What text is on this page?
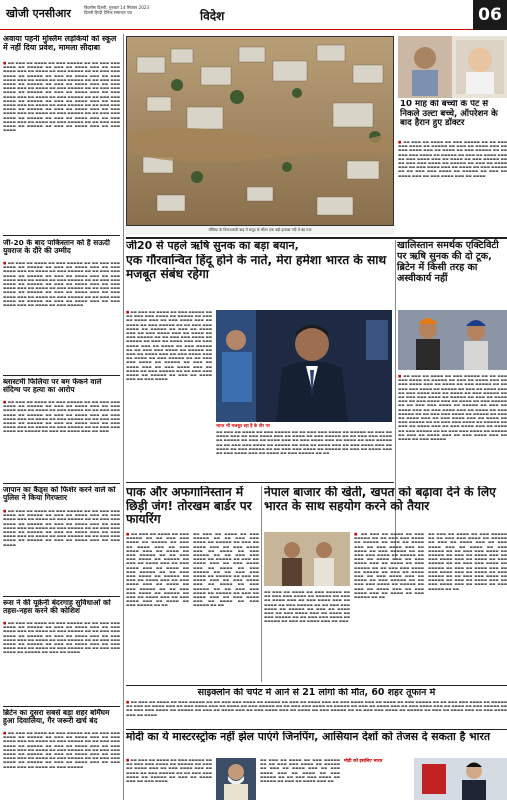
खोजी एनसीआर	बिज़नेस दिल्ली, गुरुवार 14 सितंबर 2023
दिल्ली हिन्दी दैनिक समाचार पत्र	विदेश	06
अवाया पहनी मुस्लिम लड़कियों को स्कूल में नहीं दिया प्रवेश, मामला सीदाबा
■ ▬▬ ▬▬▬ ▬▬ ▬▬▬▬ ▬▬ ▬▬▬ ▬▬▬▬▬ ▬▬ ▬▬ ▬▬▬ ▬▬▬ ▬▬▬▬ ▬▬ ▬▬▬▬▬ ▬▬ ▬▬▬ ▬▬ ▬▬▬▬ ▬▬▬ ▬▬ ▬▬▬ ▬▬▬▬ ▬▬▬ ▬▬ ▬▬▬▬ ▬▬ ▬▬▬ ▬▬▬▬▬ ▬▬ ▬▬ ▬▬▬ ▬▬▬ ▬▬▬▬ ▬▬ ▬▬▬▬▬ ▬▬ ▬▬▬ ▬▬ ▬▬▬▬ ▬▬▬ ▬▬ ▬▬▬ ▬▬▬▬ ▬▬▬ ▬▬ ▬▬▬▬ ▬▬ ▬▬▬ ▬▬▬▬▬ ▬▬ ▬▬ ▬▬▬ ▬▬▬ ▬▬▬▬ ▬▬ ▬▬▬▬▬ ▬▬ ▬▬▬ ▬▬ ▬▬▬▬ ▬▬▬ ▬▬ ▬▬▬ ▬▬▬▬ ▬▬▬ ▬▬ ▬▬▬▬ ▬▬ ▬▬▬ ▬▬▬▬▬ ▬▬ ▬▬ ▬▬▬ ▬▬▬ ▬▬▬▬ ▬▬ ▬▬▬▬▬ ▬▬ ▬▬▬ ▬▬ ▬▬▬▬ ▬▬▬ ▬▬ ▬▬▬ ▬▬▬▬ ▬▬▬ ▬▬ ▬▬▬▬ ▬▬ ▬▬▬ ▬▬▬▬▬ ▬▬ ▬▬ ▬▬▬ ▬▬▬ ▬▬▬▬ ▬▬ ▬▬▬▬▬ ▬▬ ▬▬▬ ▬▬ ▬▬▬▬ ▬▬▬ ▬▬ ▬▬▬ ▬▬▬▬ ▬▬▬ ▬▬ ▬▬▬▬ ▬▬ ▬▬▬ ▬▬▬▬▬ ▬▬ ▬▬ ▬▬▬ ▬▬▬ ▬▬▬▬ ▬▬ ▬▬▬▬▬ ▬▬ ▬▬▬ ▬▬ ▬▬▬▬ ▬▬▬ ▬▬ ▬▬▬ ▬▬▬▬ ▬▬▬ ▬▬ ▬▬▬▬ ▬▬ ▬▬▬ ▬▬▬▬▬ ▬▬ ▬▬ ▬▬▬ ▬▬▬ ▬▬▬▬ ▬▬ ▬▬▬▬▬ ▬▬ ▬▬▬ ▬▬ ▬▬▬▬ ▬▬▬ ▬▬ ▬▬▬ ▬▬▬▬ ▬▬▬ ▬▬ ▬▬▬▬ ▬▬ ▬▬▬ ▬▬▬▬▬ ▬▬ ▬▬ ▬▬▬ ▬▬▬ ▬▬▬▬ ▬▬ ▬▬▬▬▬ ▬▬ ▬▬▬ ▬▬ ▬▬▬▬ ▬▬▬ ▬▬ ▬▬▬ ▬▬▬▬
जी-20 के बाद पाकिस्तान को है सऊदी युवराज के दौरे की उम्मीद
■ ▬▬ ▬▬▬ ▬▬ ▬▬▬▬ ▬▬ ▬▬▬ ▬▬▬▬▬ ▬▬ ▬▬ ▬▬▬ ▬▬▬ ▬▬▬▬ ▬▬ ▬▬▬▬▬ ▬▬ ▬▬▬ ▬▬ ▬▬▬▬ ▬▬▬ ▬▬ ▬▬▬ ▬▬▬▬ ▬▬▬ ▬▬ ▬▬▬▬ ▬▬ ▬▬▬ ▬▬▬▬▬ ▬▬ ▬▬ ▬▬▬ ▬▬▬ ▬▬▬▬ ▬▬ ▬▬▬▬▬ ▬▬ ▬▬▬ ▬▬ ▬▬▬▬ ▬▬▬ ▬▬ ▬▬▬ ▬▬▬▬ ▬▬▬ ▬▬ ▬▬▬▬ ▬▬ ▬▬▬ ▬▬▬▬▬ ▬▬ ▬▬ ▬▬▬ ▬▬▬ ▬▬▬▬ ▬▬ ▬▬▬▬▬ ▬▬ ▬▬▬ ▬▬ ▬▬▬▬ ▬▬▬ ▬▬ ▬▬▬ ▬▬▬▬ ▬▬▬ ▬▬ ▬▬▬▬ ▬▬ ▬▬▬ ▬▬▬▬▬ ▬▬ ▬▬ ▬▬▬ ▬▬▬ ▬▬▬▬ ▬▬ ▬▬▬▬▬ ▬▬ ▬▬▬ ▬▬ ▬▬▬▬ ▬▬▬ ▬▬ ▬▬▬ ▬▬▬▬ ▬▬▬ ▬▬ ▬▬▬▬ ▬▬ ▬▬▬ ▬▬▬▬▬ ▬▬ ▬▬ ▬▬▬ ▬▬▬ ▬▬▬▬ ▬▬ ▬▬▬▬▬ ▬▬ ▬▬▬ ▬▬ ▬▬▬▬ ▬▬▬ ▬▬ ▬▬▬ ▬▬▬▬ ▬▬▬ ▬▬ ▬▬▬▬ ▬▬ ▬▬▬ ▬▬▬▬▬
ब्लास्टमी फिलिया पर बम फेंकने वाले संदिग्ध पर हत्या का आरोप
■ ▬▬ ▬▬▬ ▬▬ ▬▬▬▬ ▬▬ ▬▬▬ ▬▬▬▬▬ ▬▬ ▬▬ ▬▬▬ ▬▬▬ ▬▬▬▬ ▬▬ ▬▬▬▬▬ ▬▬ ▬▬▬ ▬▬ ▬▬▬▬ ▬▬▬ ▬▬ ▬▬▬ ▬▬▬▬ ▬▬▬ ▬▬ ▬▬▬▬ ▬▬ ▬▬▬ ▬▬▬▬▬ ▬▬ ▬▬ ▬▬▬ ▬▬▬ ▬▬▬▬ ▬▬ ▬▬▬▬▬ ▬▬ ▬▬▬ ▬▬ ▬▬▬▬ ▬▬▬ ▬▬ ▬▬▬ ▬▬▬▬ ▬▬▬ ▬▬ ▬▬▬▬ ▬▬ ▬▬▬ ▬▬▬▬▬ ▬▬ ▬▬ ▬▬▬ ▬▬▬ ▬▬▬▬ ▬▬ ▬▬▬▬▬ ▬▬ ▬▬▬ ▬▬ ▬▬▬▬ ▬▬▬ ▬▬ ▬▬▬ ▬▬▬▬ ▬▬▬ ▬▬ ▬▬▬▬ ▬▬ ▬▬▬ ▬▬▬▬▬ ▬▬ ▬▬ ▬▬▬ ▬▬▬ ▬▬▬▬ ▬▬ ▬▬▬▬▬ ▬▬ ▬▬▬ ▬▬ ▬▬▬▬ ▬▬▬ ▬▬ ▬▬▬
जापान का कैंड्स को फिशेर करने वाले को पुलिस ने किया गिरफ्तार
■ ▬▬ ▬▬▬ ▬▬ ▬▬▬▬ ▬▬ ▬▬▬ ▬▬▬▬▬ ▬▬ ▬▬ ▬▬▬ ▬▬▬ ▬▬▬▬ ▬▬ ▬▬▬▬▬ ▬▬ ▬▬▬ ▬▬ ▬▬▬▬ ▬▬▬ ▬▬ ▬▬▬ ▬▬▬▬ ▬▬▬ ▬▬ ▬▬▬▬ ▬▬ ▬▬▬ ▬▬▬▬▬ ▬▬ ▬▬ ▬▬▬ ▬▬▬ ▬▬▬▬ ▬▬ ▬▬▬▬▬ ▬▬ ▬▬▬ ▬▬ ▬▬▬▬ ▬▬▬ ▬▬ ▬▬▬ ▬▬▬▬ ▬▬▬ ▬▬ ▬▬▬▬ ▬▬ ▬▬▬ ▬▬▬▬▬ ▬▬ ▬▬ ▬▬▬ ▬▬▬ ▬▬▬▬ ▬▬ ▬▬▬▬▬ ▬▬ ▬▬▬ ▬▬ ▬▬▬▬ ▬▬▬ ▬▬ ▬▬▬ ▬▬▬▬ ▬▬▬ ▬▬ ▬▬▬▬ ▬▬ ▬▬▬ ▬▬▬▬▬ ▬▬ ▬▬ ▬▬▬ ▬▬▬ ▬▬▬▬ ▬▬ ▬▬▬▬▬ ▬▬ ▬▬▬ ▬▬ ▬▬▬▬ ▬▬▬ ▬▬ ▬▬▬ ▬▬▬▬
रूस ने की यूक्रेनी बंदरगाह सुविधाओं को तहस-नहस करने की कोशिश
■ ▬▬ ▬▬▬ ▬▬ ▬▬▬▬ ▬▬ ▬▬▬ ▬▬▬▬▬ ▬▬ ▬▬ ▬▬▬ ▬▬▬ ▬▬▬▬ ▬▬ ▬▬▬▬▬ ▬▬ ▬▬▬ ▬▬ ▬▬▬▬ ▬▬▬ ▬▬ ▬▬▬ ▬▬▬▬ ▬▬▬ ▬▬ ▬▬▬▬ ▬▬ ▬▬▬ ▬▬▬▬▬ ▬▬ ▬▬ ▬▬▬ ▬▬▬ ▬▬▬▬ ▬▬ ▬▬▬▬▬ ▬▬ ▬▬▬ ▬▬ ▬▬▬▬ ▬▬▬ ▬▬ ▬▬▬ ▬▬▬▬ ▬▬▬ ▬▬ ▬▬▬▬ ▬▬ ▬▬▬ ▬▬▬▬▬ ▬▬ ▬▬ ▬▬▬ ▬▬▬ ▬▬▬▬ ▬▬ ▬▬▬▬▬ ▬▬ ▬▬▬ ▬▬ ▬▬▬▬ ▬▬▬ ▬▬ ▬▬▬ ▬▬▬▬ ▬▬▬ ▬▬ ▬▬▬▬ ▬▬ ▬▬▬ ▬▬▬▬▬ ▬▬ ▬▬ ▬▬▬ ▬▬▬ ▬▬▬▬ ▬▬ ▬▬▬▬▬ ▬▬ ▬▬▬ ▬▬ ▬▬▬▬
ब्रिटेन का दूसरा सबसे बड़ा शहर बर्मिंघम हुआ दिवालिया, गैर जरूरी खर्च बंद
■ ▬▬ ▬▬▬ ▬▬ ▬▬▬▬ ▬▬ ▬▬▬ ▬▬▬▬▬ ▬▬ ▬▬ ▬▬▬ ▬▬▬ ▬▬▬▬ ▬▬ ▬▬▬▬▬ ▬▬ ▬▬▬ ▬▬ ▬▬▬▬ ▬▬▬ ▬▬ ▬▬▬ ▬▬▬▬ ▬▬▬ ▬▬ ▬▬▬▬ ▬▬ ▬▬▬ ▬▬▬▬▬ ▬▬ ▬▬ ▬▬▬ ▬▬▬ ▬▬▬▬ ▬▬ ▬▬▬▬▬ ▬▬ ▬▬▬ ▬▬ ▬▬▬▬ ▬▬▬ ▬▬ ▬▬▬ ▬▬▬▬ ▬▬▬ ▬▬ ▬▬▬▬ ▬▬ ▬▬▬ ▬▬▬▬▬ ▬▬ ▬▬ ▬▬▬ ▬▬▬ ▬▬▬▬ ▬▬ ▬▬▬▬▬ ▬▬ ▬▬▬ ▬▬ ▬▬▬▬ ▬▬▬ ▬▬ ▬▬▬ ▬▬▬▬ ▬▬▬ ▬▬ ▬▬▬▬ ▬▬ ▬▬▬ ▬▬▬▬▬ ▬▬ ▬▬ ▬▬▬ ▬▬▬ ▬▬▬▬ ▬▬ ▬▬▬▬▬ ▬▬ ▬▬▬ ▬▬ ▬▬▬▬ ▬▬▬ ▬▬ ▬▬▬ ▬▬▬▬ ▬▬▬ ▬▬ ▬▬▬▬ ▬▬ ▬▬▬ ▬▬▬▬▬
लीबिया के विनाशकारी बाढ़ में समुद्र के भीतर एक बड़ी इलाका नदी में बह गया
10 माह की बच्ची के पेट से निकले उल्टा बच्चे, ऑपरेशन के बाद हैरान हुए डॉक्टर
■ ▬▬ ▬▬▬ ▬▬ ▬▬▬▬ ▬▬ ▬▬▬ ▬▬▬▬▬ ▬▬ ▬▬ ▬▬▬ ▬▬▬ ▬▬▬▬ ▬▬ ▬▬▬▬▬ ▬▬ ▬▬▬ ▬▬ ▬▬▬▬ ▬▬▬ ▬▬ ▬▬▬ ▬▬▬▬ ▬▬▬ ▬▬ ▬▬▬▬ ▬▬ ▬▬▬ ▬▬▬▬▬ ▬▬ ▬▬ ▬▬▬ ▬▬▬ ▬▬▬▬ ▬▬ ▬▬▬▬▬ ▬▬ ▬▬▬ ▬▬ ▬▬▬▬ ▬▬▬ ▬▬ ▬▬▬ ▬▬▬▬ ▬▬▬ ▬▬ ▬▬▬▬ ▬▬ ▬▬▬ ▬▬▬▬▬ ▬▬ ▬▬ ▬▬▬ ▬▬▬ ▬▬▬▬ ▬▬ ▬▬▬▬▬ ▬▬ ▬▬▬ ▬▬ ▬▬▬▬ ▬▬▬ ▬▬ ▬▬▬ ▬▬▬▬ ▬▬▬ ▬▬ ▬▬▬▬ ▬▬ ▬▬▬ ▬▬▬▬▬ ▬▬ ▬▬ ▬▬▬ ▬▬▬ ▬▬▬▬ ▬▬ ▬▬▬▬▬ ▬▬ ▬▬▬ ▬▬ ▬▬▬▬ ▬▬▬ ▬▬ ▬▬▬ ▬▬▬▬ ▬▬▬ ▬▬ ▬▬▬▬
जी20 से पहले ऋषि सुनक का बड़ा बयान,
एक गौरवान्वित हिंदू होने के नाते, मेरा हमेशा भारत के साथ मजबूत संबंध रहेगा
खालिस्तान समर्थक एक्टिविटी पर ऋषि सुनक की दो टूक, ब्रिटेन में किसी तरह का अस्वीकार्य नहीं
■ ▬▬ ▬▬▬ ▬▬ ▬▬▬▬ ▬▬ ▬▬▬ ▬▬▬▬▬ ▬▬ ▬▬ ▬▬▬ ▬▬▬ ▬▬▬▬ ▬▬ ▬▬▬▬▬ ▬▬ ▬▬▬ ▬▬ ▬▬▬▬ ▬▬▬ ▬▬ ▬▬▬ ▬▬▬▬ ▬▬▬ ▬▬ ▬▬▬▬ ▬▬ ▬▬▬ ▬▬▬▬▬ ▬▬ ▬▬ ▬▬▬ ▬▬▬ ▬▬▬▬ ▬▬ ▬▬▬▬▬ ▬▬ ▬▬▬ ▬▬ ▬▬▬▬ ▬▬▬ ▬▬ ▬▬▬ ▬▬▬▬ ▬▬▬ ▬▬ ▬▬▬▬ ▬▬ ▬▬▬ ▬▬▬▬▬ ▬▬ ▬▬ ▬▬▬ ▬▬▬ ▬▬▬▬ ▬▬ ▬▬▬▬▬ ▬▬ ▬▬▬ ▬▬ ▬▬▬▬ ▬▬▬ ▬▬ ▬▬▬ ▬▬▬▬ ▬▬▬ ▬▬ ▬▬▬▬ ▬▬ ▬▬▬ ▬▬▬▬▬ ▬▬ ▬▬ ▬▬▬ ▬▬▬ ▬▬▬▬ ▬▬ ▬▬▬▬▬ ▬▬ ▬▬▬ ▬▬ ▬▬▬▬ ▬▬▬ ▬▬ ▬▬▬ ▬▬▬▬ ▬▬▬ ▬▬ ▬▬▬▬ ▬▬ ▬▬▬ ▬▬▬▬▬ ▬▬ ▬▬ ▬▬▬ ▬▬▬ ▬▬▬▬ ▬▬ ▬▬▬▬▬ ▬▬ ▬▬▬ ▬▬ ▬▬▬▬ ▬▬▬ ▬▬ ▬▬▬ ▬▬▬▬ ▬▬▬ ▬▬ ▬▬▬▬ ▬▬ ▬▬▬ ▬▬▬▬▬ ▬▬ ▬▬ ▬▬▬ ▬▬▬ ▬▬▬▬ ▬▬ ▬▬▬▬▬ ▬▬ ▬▬▬ ▬▬ ▬▬▬▬ ▬▬▬ ▬▬ ▬▬▬ ▬▬▬▬
भारत भी मजबूत रहा है के तौर पर
▬▬ ▬▬▬ ▬▬ ▬▬▬▬ ▬▬ ▬▬▬ ▬▬▬▬▬ ▬▬ ▬▬ ▬▬▬ ▬▬▬ ▬▬▬▬ ▬▬ ▬▬▬▬▬ ▬▬ ▬▬▬ ▬▬ ▬▬▬▬ ▬▬▬ ▬▬ ▬▬▬ ▬▬▬▬ ▬▬▬ ▬▬ ▬▬▬▬ ▬▬ ▬▬▬ ▬▬▬▬▬ ▬▬ ▬▬ ▬▬▬ ▬▬▬ ▬▬▬▬ ▬▬ ▬▬▬▬▬ ▬▬ ▬▬▬ ▬▬ ▬▬▬▬ ▬▬▬ ▬▬ ▬▬▬ ▬▬▬▬ ▬▬▬ ▬▬ ▬▬▬▬ ▬▬ ▬▬▬ ▬▬▬▬▬ ▬▬ ▬▬ ▬▬▬ ▬▬▬ ▬▬▬▬ ▬▬ ▬▬▬▬▬ ▬▬ ▬▬▬ ▬▬ ▬▬▬▬ ▬▬▬ ▬▬ ▬▬▬ ▬▬▬▬ ▬▬▬ ▬▬ ▬▬▬▬ ▬▬ ▬▬▬ ▬▬▬▬▬ ▬▬ ▬▬ ▬▬▬ ▬▬▬ ▬▬▬▬ ▬▬ ▬▬▬▬▬ ▬▬ ▬▬▬ ▬▬ ▬▬▬▬ ▬▬▬ ▬▬ ▬▬▬ ▬▬▬▬ ▬▬▬ ▬▬ ▬▬▬▬ ▬▬ ▬▬▬ ▬▬▬▬▬ ▬▬ ▬▬
■ ▬▬ ▬▬▬ ▬▬ ▬▬▬▬ ▬▬ ▬▬▬ ▬▬▬▬▬ ▬▬ ▬▬ ▬▬▬ ▬▬▬ ▬▬▬▬ ▬▬ ▬▬▬▬▬ ▬▬ ▬▬▬ ▬▬ ▬▬▬▬ ▬▬▬ ▬▬ ▬▬▬ ▬▬▬▬ ▬▬▬ ▬▬ ▬▬▬▬ ▬▬ ▬▬▬ ▬▬▬▬▬ ▬▬ ▬▬ ▬▬▬ ▬▬▬ ▬▬▬▬ ▬▬ ▬▬▬▬▬ ▬▬ ▬▬▬ ▬▬ ▬▬▬▬ ▬▬▬ ▬▬ ▬▬▬ ▬▬▬▬ ▬▬▬ ▬▬ ▬▬▬▬ ▬▬ ▬▬▬ ▬▬▬▬▬ ▬▬ ▬▬ ▬▬▬ ▬▬▬ ▬▬▬▬ ▬▬ ▬▬▬▬▬ ▬▬ ▬▬▬ ▬▬ ▬▬▬▬ ▬▬▬ ▬▬ ▬▬▬ ▬▬▬▬ ▬▬▬ ▬▬ ▬▬▬▬ ▬▬ ▬▬▬ ▬▬▬▬▬ ▬▬ ▬▬ ▬▬▬ ▬▬▬ ▬▬▬▬ ▬▬ ▬▬▬▬▬ ▬▬ ▬▬▬ ▬▬ ▬▬▬▬ ▬▬▬ ▬▬ ▬▬▬ ▬▬▬▬ ▬▬▬ ▬▬ ▬▬▬▬ ▬▬ ▬▬▬ ▬▬▬▬▬ ▬▬ ▬▬ ▬▬▬ ▬▬▬ ▬▬▬▬ ▬▬ ▬▬▬▬▬ ▬▬ ▬▬▬ ▬▬ ▬▬▬▬ ▬▬▬ ▬▬ ▬▬▬ ▬▬▬▬ ▬▬▬ ▬▬ ▬▬▬▬ ▬▬ ▬▬▬ ▬▬▬▬▬ ▬▬ ▬▬ ▬▬▬ ▬▬▬ ▬▬▬▬ ▬▬ ▬▬▬▬▬ ▬▬ ▬▬▬ ▬▬ ▬▬▬▬ ▬▬▬ ▬▬ ▬▬▬ ▬▬▬▬ ▬▬▬ ▬▬ ▬▬▬▬ ▬▬ ▬▬▬ ▬▬▬▬▬ ▬▬ ▬▬ ▬▬▬ ▬▬▬ ▬▬▬▬ ▬▬ ▬▬▬▬▬ ▬▬ ▬▬▬ ▬▬ ▬▬▬▬ ▬▬▬ ▬▬ ▬▬▬ ▬▬▬▬ ▬▬▬ ▬▬ ▬▬▬▬ ▬▬ ▬▬▬ ▬▬▬▬▬
पाक और अफगानिस्तान में छिड़ी जंग! तोरखम बार्डर पर फायरिंग
■ ▬▬ ▬▬▬ ▬▬ ▬▬▬▬ ▬▬ ▬▬▬ ▬▬▬▬▬ ▬▬ ▬▬ ▬▬▬ ▬▬▬ ▬▬▬▬ ▬▬ ▬▬▬▬▬ ▬▬ ▬▬▬ ▬▬ ▬▬▬▬ ▬▬▬ ▬▬ ▬▬▬ ▬▬▬▬ ▬▬▬ ▬▬ ▬▬▬▬ ▬▬ ▬▬▬ ▬▬▬▬▬ ▬▬ ▬▬ ▬▬▬ ▬▬▬ ▬▬▬▬ ▬▬ ▬▬▬▬▬ ▬▬ ▬▬▬ ▬▬ ▬▬▬▬ ▬▬▬ ▬▬ ▬▬▬ ▬▬▬▬ ▬▬▬ ▬▬ ▬▬▬▬ ▬▬ ▬▬▬ ▬▬▬▬▬ ▬▬ ▬▬ ▬▬▬ ▬▬▬ ▬▬▬▬ ▬▬ ▬▬▬▬▬ ▬▬ ▬▬▬ ▬▬ ▬▬▬▬ ▬▬▬ ▬▬ ▬▬▬ ▬▬▬▬ ▬▬▬ ▬▬ ▬▬▬▬ ▬▬ ▬▬▬ ▬▬▬▬▬ ▬▬ ▬▬ ▬▬▬ ▬▬▬ ▬▬▬▬ ▬▬ ▬▬▬▬▬ ▬▬ ▬▬▬ ▬▬ ▬▬▬▬ ▬▬▬ ▬▬ ▬▬▬ ▬▬▬▬ ▬▬▬ ▬▬ ▬▬▬▬ ▬▬ ▬▬▬ ▬▬▬▬▬ ▬▬ ▬▬
▬▬ ▬▬▬ ▬▬ ▬▬▬▬ ▬▬ ▬▬▬ ▬▬▬▬▬ ▬▬ ▬▬ ▬▬▬ ▬▬▬ ▬▬▬▬ ▬▬ ▬▬▬▬▬ ▬▬ ▬▬▬ ▬▬ ▬▬▬▬ ▬▬▬ ▬▬ ▬▬▬ ▬▬▬▬ ▬▬▬ ▬▬ ▬▬▬▬ ▬▬ ▬▬▬ ▬▬▬▬▬ ▬▬ ▬▬ ▬▬▬ ▬▬▬ ▬▬▬▬ ▬▬ ▬▬▬▬▬ ▬▬ ▬▬▬ ▬▬ ▬▬▬▬ ▬▬▬ ▬▬ ▬▬▬ ▬▬▬▬ ▬▬▬ ▬▬ ▬▬▬▬ ▬▬ ▬▬▬ ▬▬▬▬▬ ▬▬ ▬▬ ▬▬▬ ▬▬▬ ▬▬▬▬ ▬▬ ▬▬▬▬▬ ▬▬ ▬▬▬ ▬▬ ▬▬▬▬ ▬▬▬ ▬▬ ▬▬▬ ▬▬▬▬ ▬▬▬ ▬▬ ▬▬▬▬ ▬▬ ▬▬▬ ▬▬▬▬▬ ▬▬ ▬▬ ▬▬▬ ▬▬▬ ▬▬▬▬ ▬▬ ▬▬▬▬▬ ▬▬ ▬▬▬ ▬▬ ▬▬▬▬ ▬▬▬ ▬▬ ▬▬▬ ▬▬▬▬ ▬▬▬ ▬▬ ▬▬▬▬ ▬▬ ▬▬▬ ▬▬▬▬▬ ▬▬ ▬▬
नेपाल बाजार की खेती, खपत को बढ़ावा देने के लिए भारत के साथ सहयोग करने को तैयार
▬▬ ▬▬▬ ▬▬ ▬▬▬▬ ▬▬ ▬▬▬ ▬▬▬▬▬ ▬▬ ▬▬ ▬▬▬ ▬▬▬ ▬▬▬▬ ▬▬ ▬▬▬▬▬ ▬▬ ▬▬▬ ▬▬ ▬▬▬▬ ▬▬▬ ▬▬ ▬▬▬ ▬▬▬▬ ▬▬▬ ▬▬ ▬▬▬▬ ▬▬ ▬▬▬ ▬▬▬▬▬ ▬▬ ▬▬ ▬▬▬ ▬▬▬ ▬▬▬▬ ▬▬ ▬▬▬▬▬ ▬▬ ▬▬▬ ▬▬ ▬▬▬▬ ▬▬▬ ▬▬ ▬▬▬ ▬▬▬▬ ▬▬▬ ▬▬ ▬▬▬▬ ▬▬ ▬▬▬ ▬▬▬▬▬ ▬▬ ▬▬ ▬▬▬ ▬▬▬ ▬▬▬▬ ▬▬ ▬▬▬▬▬ ▬▬ ▬▬▬ ▬▬ ▬▬▬▬ ▬▬▬ ▬▬ ▬▬▬
■ ▬▬ ▬▬▬ ▬▬ ▬▬▬▬ ▬▬ ▬▬▬ ▬▬▬▬▬ ▬▬ ▬▬ ▬▬▬ ▬▬▬ ▬▬▬▬ ▬▬ ▬▬▬▬▬ ▬▬ ▬▬▬ ▬▬ ▬▬▬▬ ▬▬▬ ▬▬ ▬▬▬ ▬▬▬▬ ▬▬▬ ▬▬ ▬▬▬▬ ▬▬ ▬▬▬ ▬▬▬▬▬ ▬▬ ▬▬ ▬▬▬ ▬▬▬ ▬▬▬▬ ▬▬ ▬▬▬▬▬ ▬▬ ▬▬▬ ▬▬ ▬▬▬▬ ▬▬▬ ▬▬ ▬▬▬ ▬▬▬▬ ▬▬▬ ▬▬ ▬▬▬▬ ▬▬ ▬▬▬ ▬▬▬▬▬ ▬▬ ▬▬ ▬▬▬ ▬▬▬ ▬▬▬▬ ▬▬ ▬▬▬▬▬ ▬▬ ▬▬▬ ▬▬ ▬▬▬▬ ▬▬▬ ▬▬ ▬▬▬ ▬▬▬▬ ▬▬▬ ▬▬ ▬▬▬▬ ▬▬ ▬▬▬ ▬▬▬▬▬ ▬▬ ▬▬ ▬▬▬ ▬▬▬ ▬▬▬▬ ▬▬ ▬▬▬▬▬ ▬▬ ▬▬▬ ▬▬ ▬▬▬▬ ▬▬▬ ▬▬ ▬▬▬ ▬▬▬▬ ▬▬▬ ▬▬ ▬▬▬▬ ▬▬ ▬▬▬ ▬▬▬▬▬ ▬▬ ▬▬
▬▬ ▬▬▬ ▬▬ ▬▬▬▬ ▬▬ ▬▬▬ ▬▬▬▬▬ ▬▬ ▬▬ ▬▬▬ ▬▬▬ ▬▬▬▬ ▬▬ ▬▬▬▬▬ ▬▬ ▬▬▬ ▬▬ ▬▬▬▬ ▬▬▬ ▬▬ ▬▬▬ ▬▬▬▬ ▬▬▬ ▬▬ ▬▬▬▬ ▬▬ ▬▬▬ ▬▬▬▬▬ ▬▬ ▬▬ ▬▬▬ ▬▬▬ ▬▬▬▬ ▬▬ ▬▬▬▬▬ ▬▬ ▬▬▬ ▬▬ ▬▬▬▬ ▬▬▬ ▬▬ ▬▬▬ ▬▬▬▬ ▬▬▬ ▬▬ ▬▬▬▬ ▬▬ ▬▬▬ ▬▬▬▬▬ ▬▬ ▬▬ ▬▬▬ ▬▬▬ ▬▬▬▬ ▬▬ ▬▬▬▬▬ ▬▬ ▬▬▬ ▬▬ ▬▬▬▬ ▬▬▬ ▬▬ ▬▬▬ ▬▬▬▬ ▬▬▬ ▬▬ ▬▬▬▬ ▬▬ ▬▬▬ ▬▬▬▬▬ ▬▬ ▬▬ ▬▬▬ ▬▬▬ ▬▬▬▬ ▬▬ ▬▬▬▬▬ ▬▬ ▬▬▬ ▬▬ ▬▬▬▬ ▬▬▬ ▬▬ ▬▬▬ ▬▬▬▬ ▬▬▬ ▬▬ ▬▬▬▬ ▬▬ ▬▬▬ ▬▬▬▬▬ ▬▬ ▬▬
साइक्लोन की चपेट में आने से 21 लोगों की मौत, 60 शहर तूफान में
■ ▬▬ ▬▬▬ ▬▬ ▬▬▬▬ ▬▬ ▬▬▬ ▬▬▬▬▬ ▬▬ ▬▬ ▬▬▬ ▬▬▬ ▬▬▬▬ ▬▬ ▬▬▬▬▬ ▬▬ ▬▬▬ ▬▬ ▬▬▬▬ ▬▬▬ ▬▬ ▬▬▬ ▬▬▬▬ ▬▬▬ ▬▬ ▬▬▬▬ ▬▬ ▬▬▬ ▬▬▬▬▬ ▬▬ ▬▬ ▬▬▬ ▬▬▬ ▬▬▬▬ ▬▬ ▬▬▬▬▬ ▬▬ ▬▬▬ ▬▬ ▬▬▬▬ ▬▬▬ ▬▬ ▬▬▬ ▬▬▬▬ ▬▬▬ ▬▬ ▬▬▬▬ ▬▬ ▬▬▬ ▬▬▬▬▬ ▬▬ ▬▬ ▬▬▬ ▬▬▬ ▬▬▬▬ ▬▬ ▬▬▬▬▬ ▬▬ ▬▬▬ ▬▬ ▬▬▬▬ ▬▬▬ ▬▬ ▬▬▬ ▬▬▬▬ ▬▬▬ ▬▬ ▬▬▬▬ ▬▬ ▬▬▬ ▬▬▬▬▬ ▬▬ ▬▬ ▬▬▬ ▬▬▬ ▬▬▬▬ ▬▬ ▬▬▬▬▬ ▬▬ ▬▬▬ ▬▬ ▬▬▬▬ ▬▬▬ ▬▬ ▬▬▬ ▬▬▬▬ ▬▬▬ ▬▬ ▬▬▬▬ ▬▬ ▬▬▬ ▬▬▬▬▬ ▬▬ ▬▬ ▬▬▬ ▬▬▬ ▬▬▬▬ ▬▬ ▬▬▬▬▬ ▬▬ ▬▬▬ ▬▬ ▬▬▬▬ ▬▬▬ ▬▬ ▬▬▬ ▬▬▬▬ ▬▬▬ ▬▬ ▬▬▬▬
मोदी का ये मास्टरस्ट्रोक नहीं झेल पाएंगे जिनपिंग, आसियान देशों को तेजस दे सकता है भारत
■ ▬▬ ▬▬▬ ▬▬ ▬▬▬▬ ▬▬ ▬▬▬ ▬▬▬▬▬ ▬▬ ▬▬ ▬▬▬ ▬▬▬ ▬▬▬▬ ▬▬ ▬▬▬▬▬ ▬▬ ▬▬▬ ▬▬ ▬▬▬▬ ▬▬▬ ▬▬ ▬▬▬ ▬▬▬▬ ▬▬▬ ▬▬ ▬▬▬▬ ▬▬ ▬▬▬ ▬▬▬▬▬ ▬▬ ▬▬ ▬▬▬ ▬▬▬ ▬▬▬▬ ▬▬ ▬▬▬▬▬ ▬▬ ▬▬▬ ▬▬ ▬▬▬▬ ▬▬▬ ▬▬ ▬▬▬ ▬▬▬▬
▬▬ ▬▬▬ ▬▬ ▬▬▬▬ ▬▬ ▬▬▬ ▬▬▬▬▬ ▬▬ ▬▬ ▬▬▬ ▬▬▬ ▬▬▬▬ ▬▬ ▬▬▬▬▬ ▬▬ ▬▬▬ ▬▬ ▬▬▬▬ ▬▬▬ ▬▬ ▬▬▬ ▬▬▬▬ ▬▬▬ ▬▬ ▬▬▬▬ ▬▬ ▬▬▬ ▬▬▬▬▬ ▬▬ ▬▬ ▬▬▬ ▬▬▬ ▬▬▬▬ ▬▬ ▬▬▬▬▬ ▬▬ ▬▬▬ ▬▬ ▬▬▬▬ ▬▬▬ ▬▬
मोदी को इसलिए भारत
